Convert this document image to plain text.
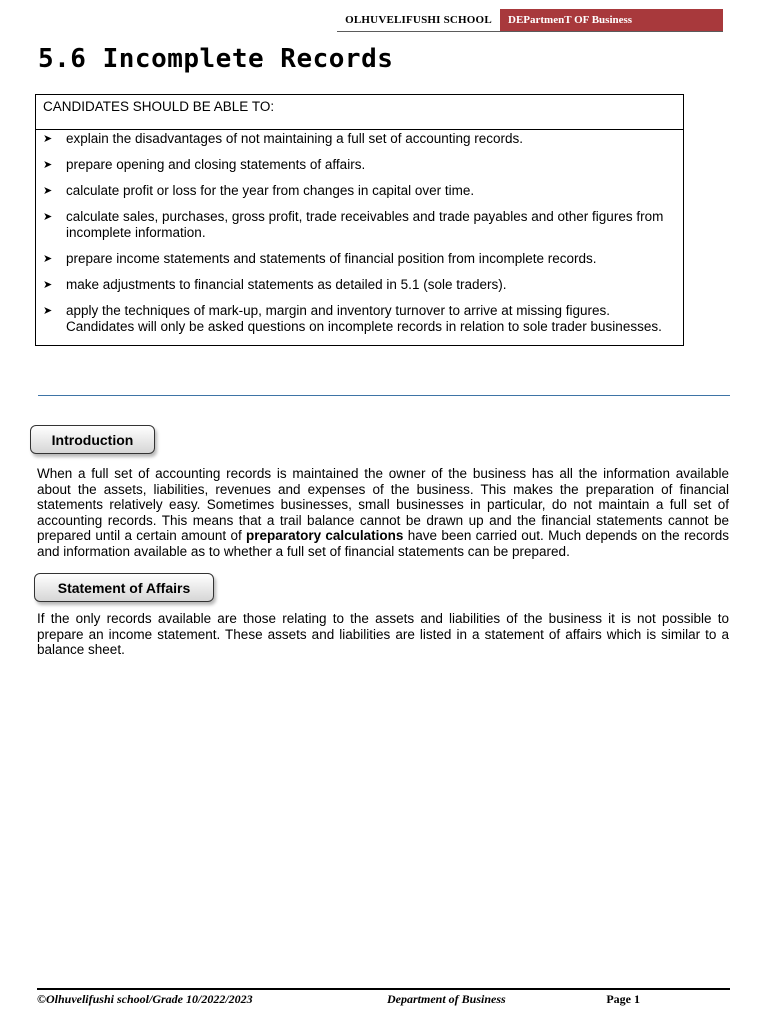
OLHUVELIFUSHI SCHOOL	DEPartmenT OF Business
5.6 Incomplete Records
CANDIDATES SHOULD BE ABLE TO:
➤ explain the disadvantages of not maintaining a full set of accounting records.
➤ prepare opening and closing statements of affairs.
➤ calculate profit or loss for the year from changes in capital over time.
➤ calculate sales, purchases, gross profit, trade receivables and trade payables and other figures from incomplete information.
➤ prepare income statements and statements of financial position from incomplete records.
➤ make adjustments to financial statements as detailed in 5.1 (sole traders).
➤ apply the techniques of mark-up, margin and inventory turnover to arrive at missing figures. Candidates will only be asked questions on incomplete records in relation to sole trader businesses.
Introduction

When a full set of accounting records is maintained the owner of the business has all the information available about the assets, liabilities, revenues and expenses of the business. This makes the preparation of financial statements relatively easy. Sometimes businesses, small businesses in particular, do not maintain a full set of accounting records. This means that a trail balance cannot be drawn up and the financial statements cannot be prepared until a certain amount of preparatory calculations have been carried out. Much depends on the records and information available as to whether a full set of financial statements can be prepared.

Statement of Affairs

If the only records available are those relating to the assets and liabilities of the business it is not possible to prepare an income statement. These assets and liabilities are listed in a statement of affairs which is similar to a balance sheet.

©Olhuvelifushi school/Grade 10/2022/2023	Department of Business	Page 1
